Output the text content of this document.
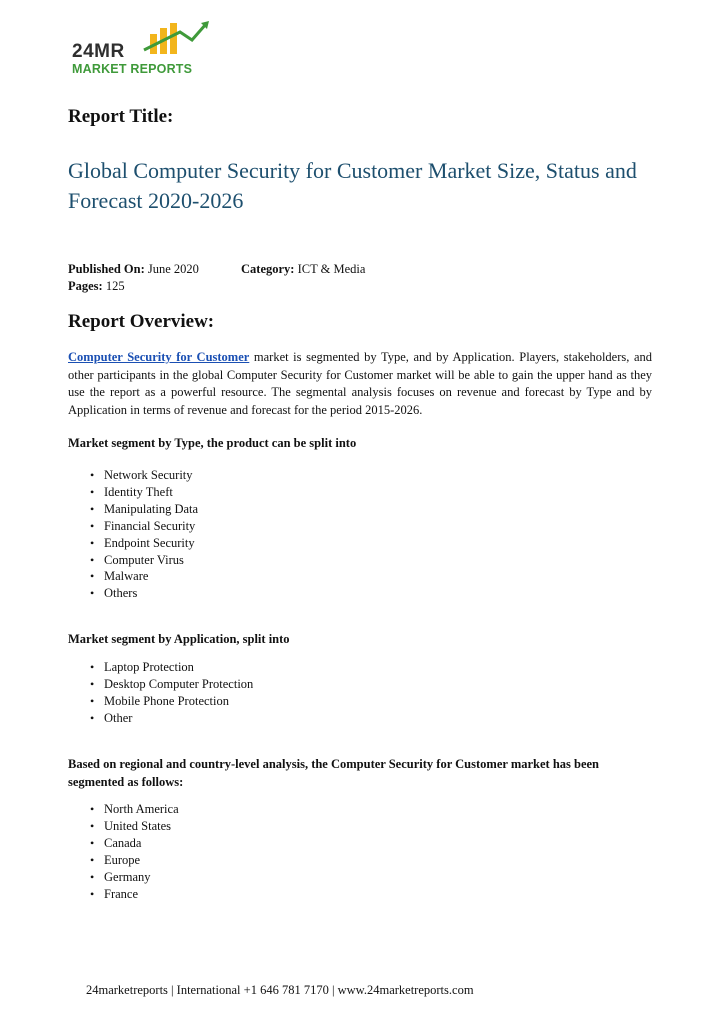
24MR
MARKET REPORTS
Report Title:
Global Computer Security for Customer Market Size, Status and Forecast 2020-2026
Published On: June 2020	Category: ICT & Media
Pages: 125
Report Overview:
Computer Security for Customer market is segmented by Type, and by Application. Players, stakeholders, and other participants in the global Computer Security for Customer market will be able to gain the upper hand as they use the report as a powerful resource. The segmental analysis focuses on revenue and forecast by Type and by Application in terms of revenue and forecast for the period 2015-2026.
Market segment by Type, the product can be split into
• Network Security
• Identity Theft
• Manipulating Data
• Financial Security
• Endpoint Security
• Computer Virus
• Malware
• Others
Market segment by Application, split into
• Laptop Protection
• Desktop Computer Protection
• Mobile Phone Protection
• Other
Based on regional and country-level analysis, the Computer Security for Customer market has been segmented as follows:
• North America
• United States
• Canada
• Europe
• Germany
• France
24marketreports | International +1 646 781 7170 | www.24marketreports.com
